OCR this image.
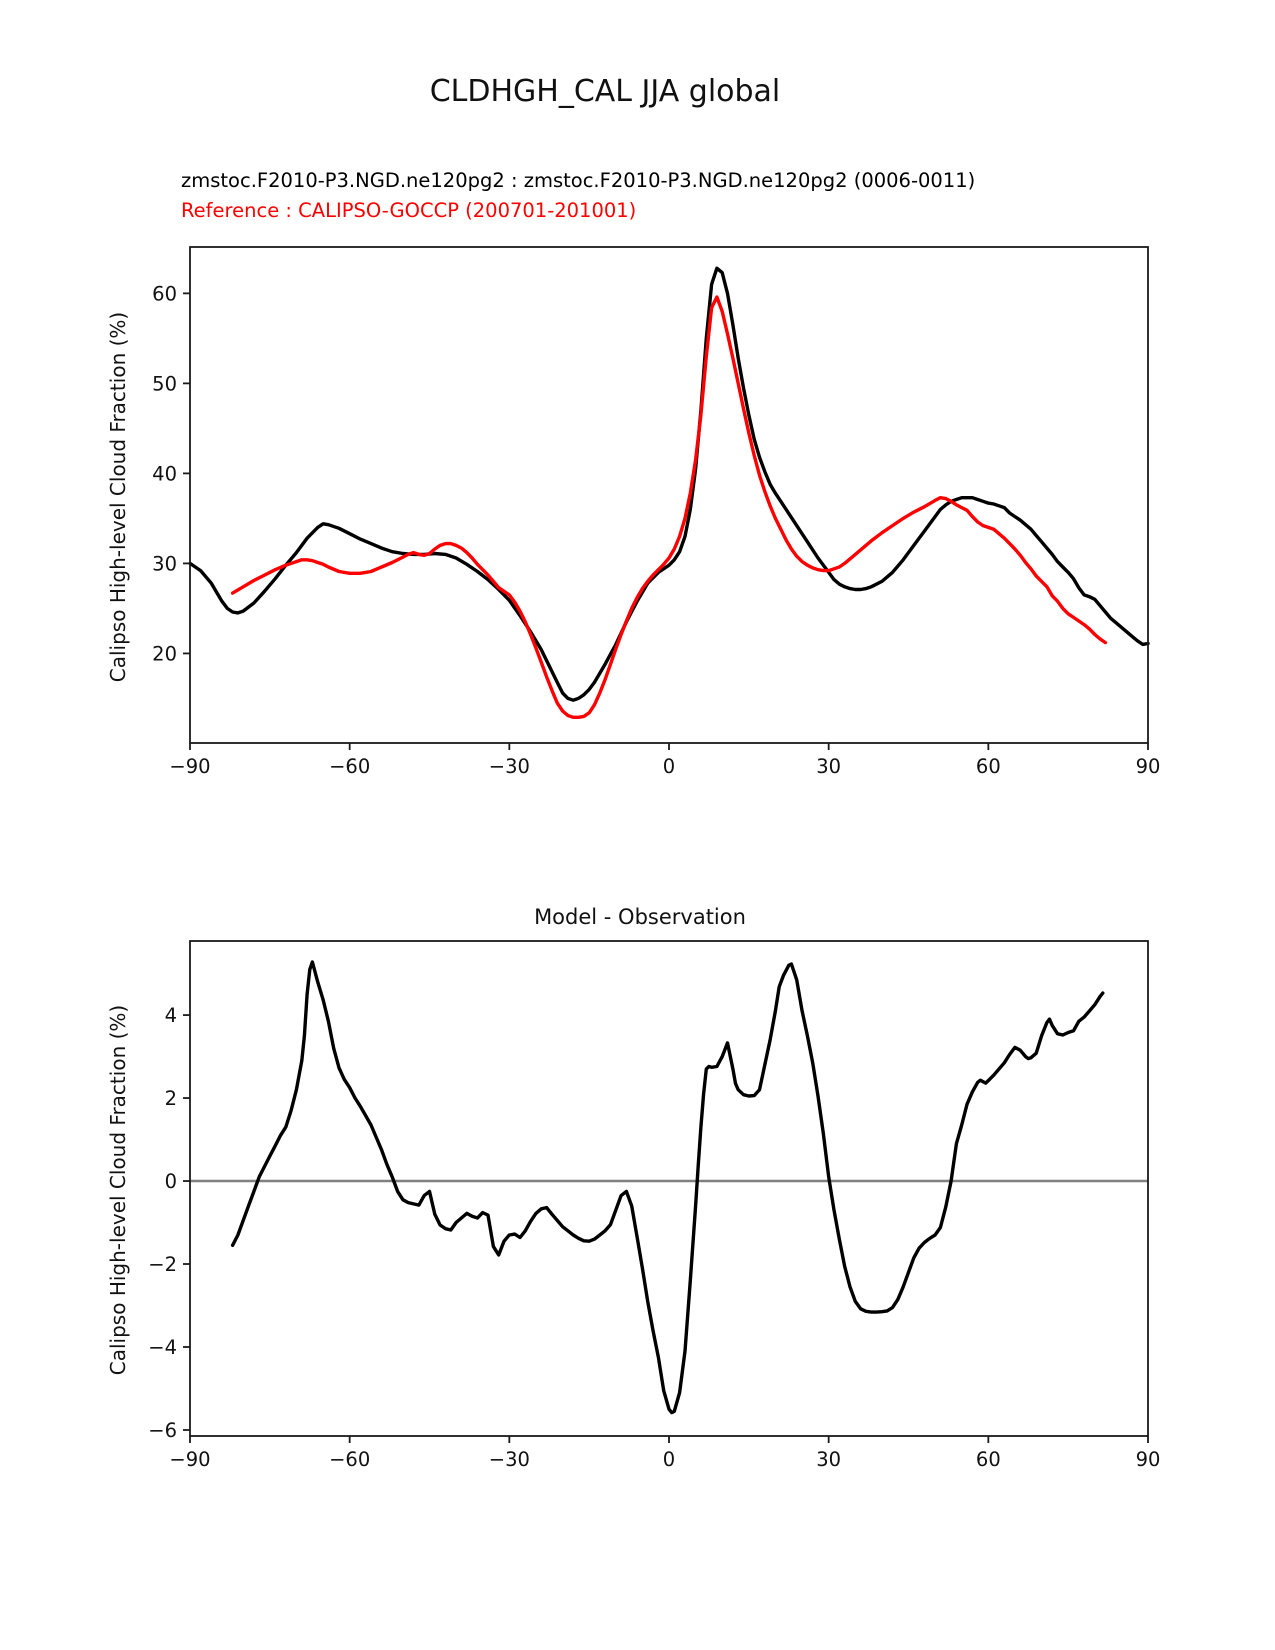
−90	−60	−30	0	30	60	90
20
30
40
50
60
−90	−60	−30	0	30	60	90
−6
−4
−2
0
2
4
CLDHGH_CAL JJA global
zmstoc.F2010-P3.NGD.ne120pg2 : zmstoc.F2010-P3.NGD.ne120pg2 (0006-0011)
Reference : CALIPSO-GOCCP (200701-201001)
Model - Observation
Calipso High-level Cloud Fraction (%)
Calipso High-level Cloud Fraction (%)
